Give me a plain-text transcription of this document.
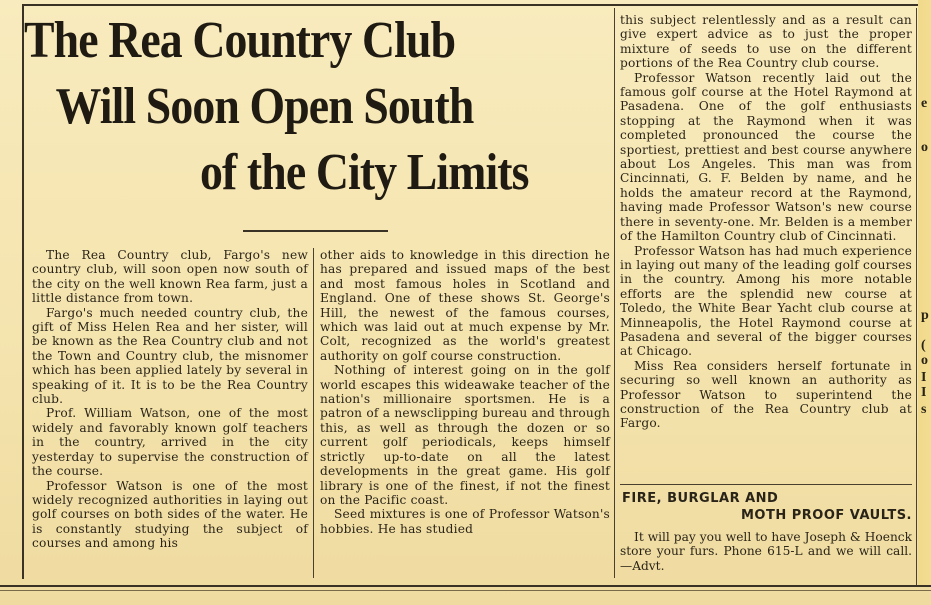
The Rea Country Club
Will Soon Open South
of the City Limits

The Rea Country club, Fargo's new country club, will soon open now south of the city on the well known Rea farm, just a little distance from town.

Fargo's much needed country club, the gift of Miss Helen Rea and her sister, will be known as the Rea Country club and not the Town and Country club, the misnomer which has been applied lately by several in speaking of it. It is to be the Rea Country club.

Prof. William Watson, one of the most widely and favorably known golf teachers in the country, arrived in the city yesterday to supervise the construction of the course.

Professor Watson is one of the most widely recognized authorities in laying out golf courses on both sides of the water. He is constantly studying the subject of courses and among his

other aids to knowledge in this direction he has prepared and issued maps of the best and most famous holes in Scotland and England. One of these shows St. George's Hill, the newest of the famous courses, which was laid out at much expense by Mr. Colt, recognized as the world's greatest authority on golf course construction.

Nothing of interest going on in the golf world escapes this wideawake teacher of the nation's millionaire sportsmen. He is a patron of a newsclipping bureau and through this, as well as through the dozen or so current golf periodicals, keeps himself strictly up-to-date on all the latest developments in the great game. His golf library is one of the finest, if not the finest on the Pacific coast.

Seed mixtures is one of Professor Watson's hobbies. He has studied

this subject relentlessly and as a result can give expert advice as to just the proper mixture of seeds to use on the different portions of the Rea Country club course.

Professor Watson recently laid out the famous golf course at the Hotel Raymond at Pasadena. One of the golf enthusiasts stopping at the Raymond when it was completed pronounced the course the sportiest, prettiest and best course anywhere about Los Angeles. This man was from Cincinnati, G. F. Belden by name, and he holds the amateur record at the Raymond, having made Professor Watson's new course there in seventy-one. Mr. Belden is a member of the Hamilton Country club of Cincinnati.

Professor Watson has had much experience in laying out many of the leading golf courses in the country. Among his more notable efforts are the splendid new course at Toledo, the White Bear Yacht club course at Minneapolis, the Hotel Raymond course at Pasadena and several of the bigger courses at Chicago.

Miss Rea considers herself fortunate in securing so well known an authority as Professor Watson to superintend the construction of the Rea Country club at Fargo.

FIRE, BURGLAR AND
MOTH PROOF VAULTS.

It will pay you well to have Joseph & Hoenck store your furs. Phone 615-L and we will call.—Advt.

e
o
p
(
o
I
I
s
